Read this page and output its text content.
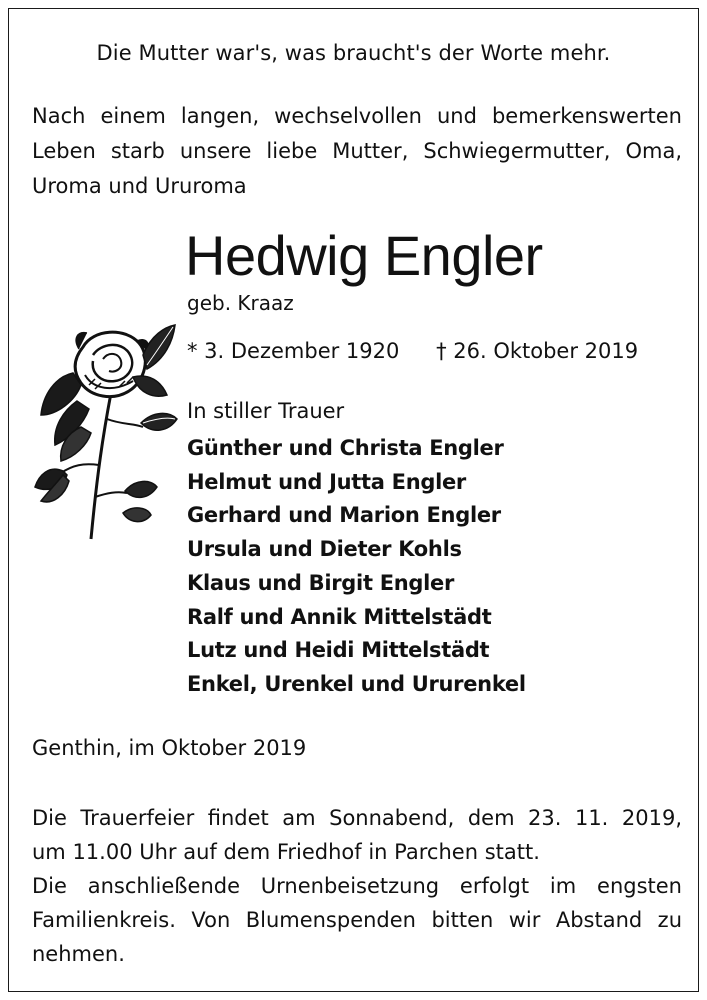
Die Mutter war's, was braucht's der Worte mehr.
Nach einem langen, wechselvollen und bemerkenswerten
Leben starb unsere liebe Mutter, Schwiegermutter, Oma,
Uroma und Ururoma
Hedwig Engler
geb. Kraaz
* 3. Dezember 1920 † 26. Oktober 2019
In stiller Trauer
Günther und Christa Engler
Helmut und Jutta Engler
Gerhard und Marion Engler
Ursula und Dieter Kohls
Klaus und Birgit Engler
Ralf und Annik Mittelstädt
Lutz und Heidi Mittelstädt
Enkel, Urenkel und Ururenkel
Genthin, im Oktober 2019
Die Trauerfeier findet am Sonnabend, dem 23. 11. 2019,
um 11.00 Uhr auf dem Friedhof in Parchen statt.
Die anschließende Urnenbeisetzung erfolgt im engsten
Familienkreis. Von Blumenspenden bitten wir Abstand zu
nehmen.
